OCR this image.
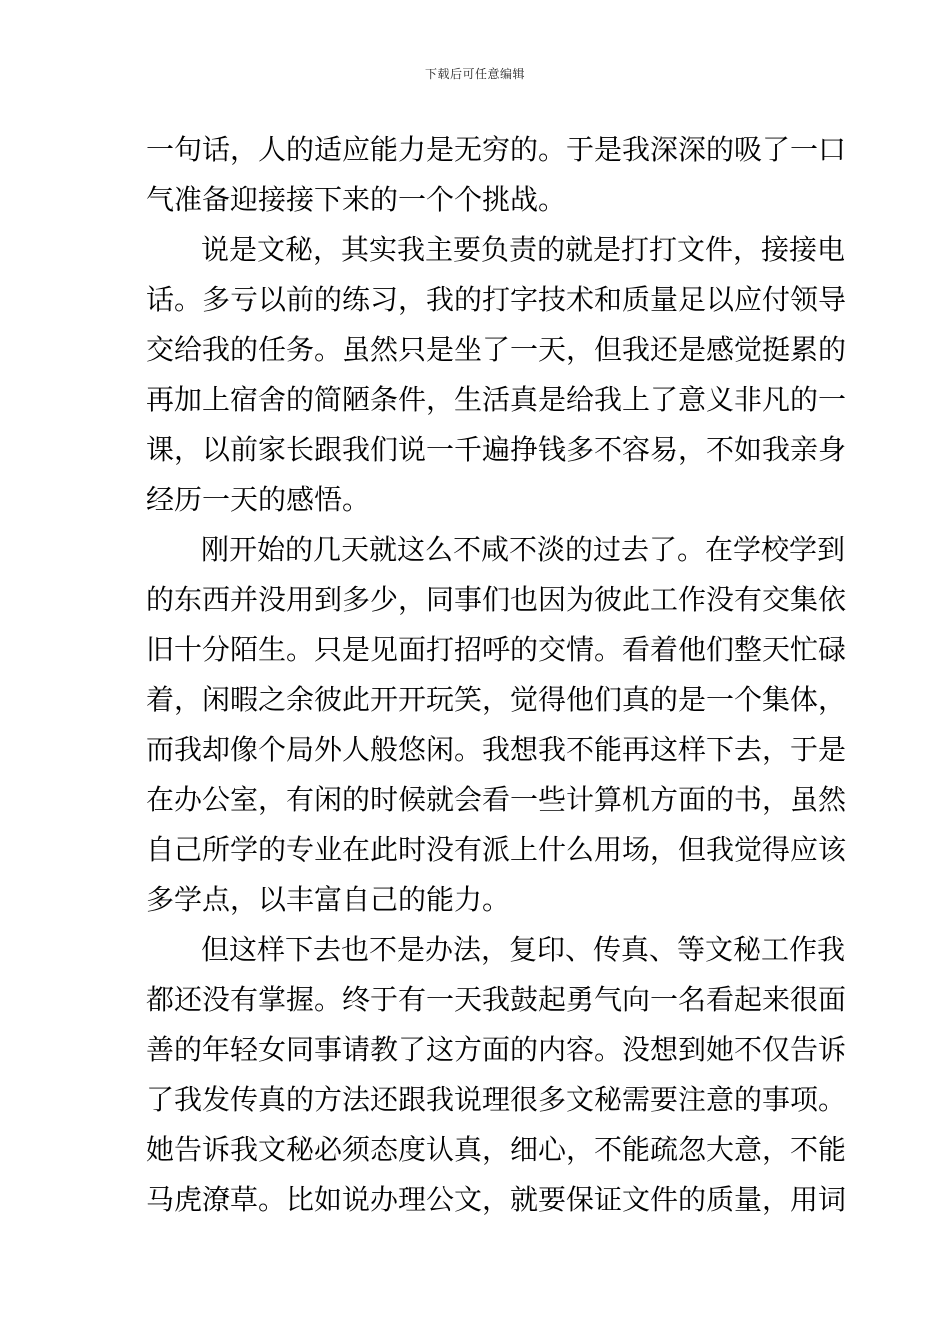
下载后可任意编辑
一句话，人的适应能力是无穷的。于是我深深的吸了一口
气准备迎接接下来的一个个挑战。
说是文秘，其实我主要负责的就是打打文件，接接电
话。多亏以前的练习，我的打字技术和质量足以应付领导
交给我的任务。虽然只是坐了一天，但我还是感觉挺累的
再加上宿舍的简陋条件，生活真是给我上了意义非凡的一
课，以前家长跟我们说一千遍挣钱多不容易，不如我亲身
经历一天的感悟。
刚开始的几天就这么不咸不淡的过去了。在学校学到
的东西并没用到多少，同事们也因为彼此工作没有交集依
旧十分陌生。只是见面打招呼的交情。看着他们整天忙碌
着，闲暇之余彼此开开玩笑，觉得他们真的是一个集体，
而我却像个局外人般悠闲。我想我不能再这样下去，于是
在办公室，有闲的时候就会看一些计算机方面的书，虽然
自己所学的专业在此时没有派上什么用场，但我觉得应该
多学点，以丰富自己的能力。
但这样下去也不是办法，复印、传真、等文秘工作我
都还没有掌握。终于有一天我鼓起勇气向一名看起来很面
善的年轻女同事请教了这方面的内容。没想到她不仅告诉
了我发传真的方法还跟我说理很多文秘需要注意的事项。
她告诉我文秘必须态度认真，细心，不能疏忽大意，不能
马虎潦草。比如说办理公文，就要保证文件的质量，用词
